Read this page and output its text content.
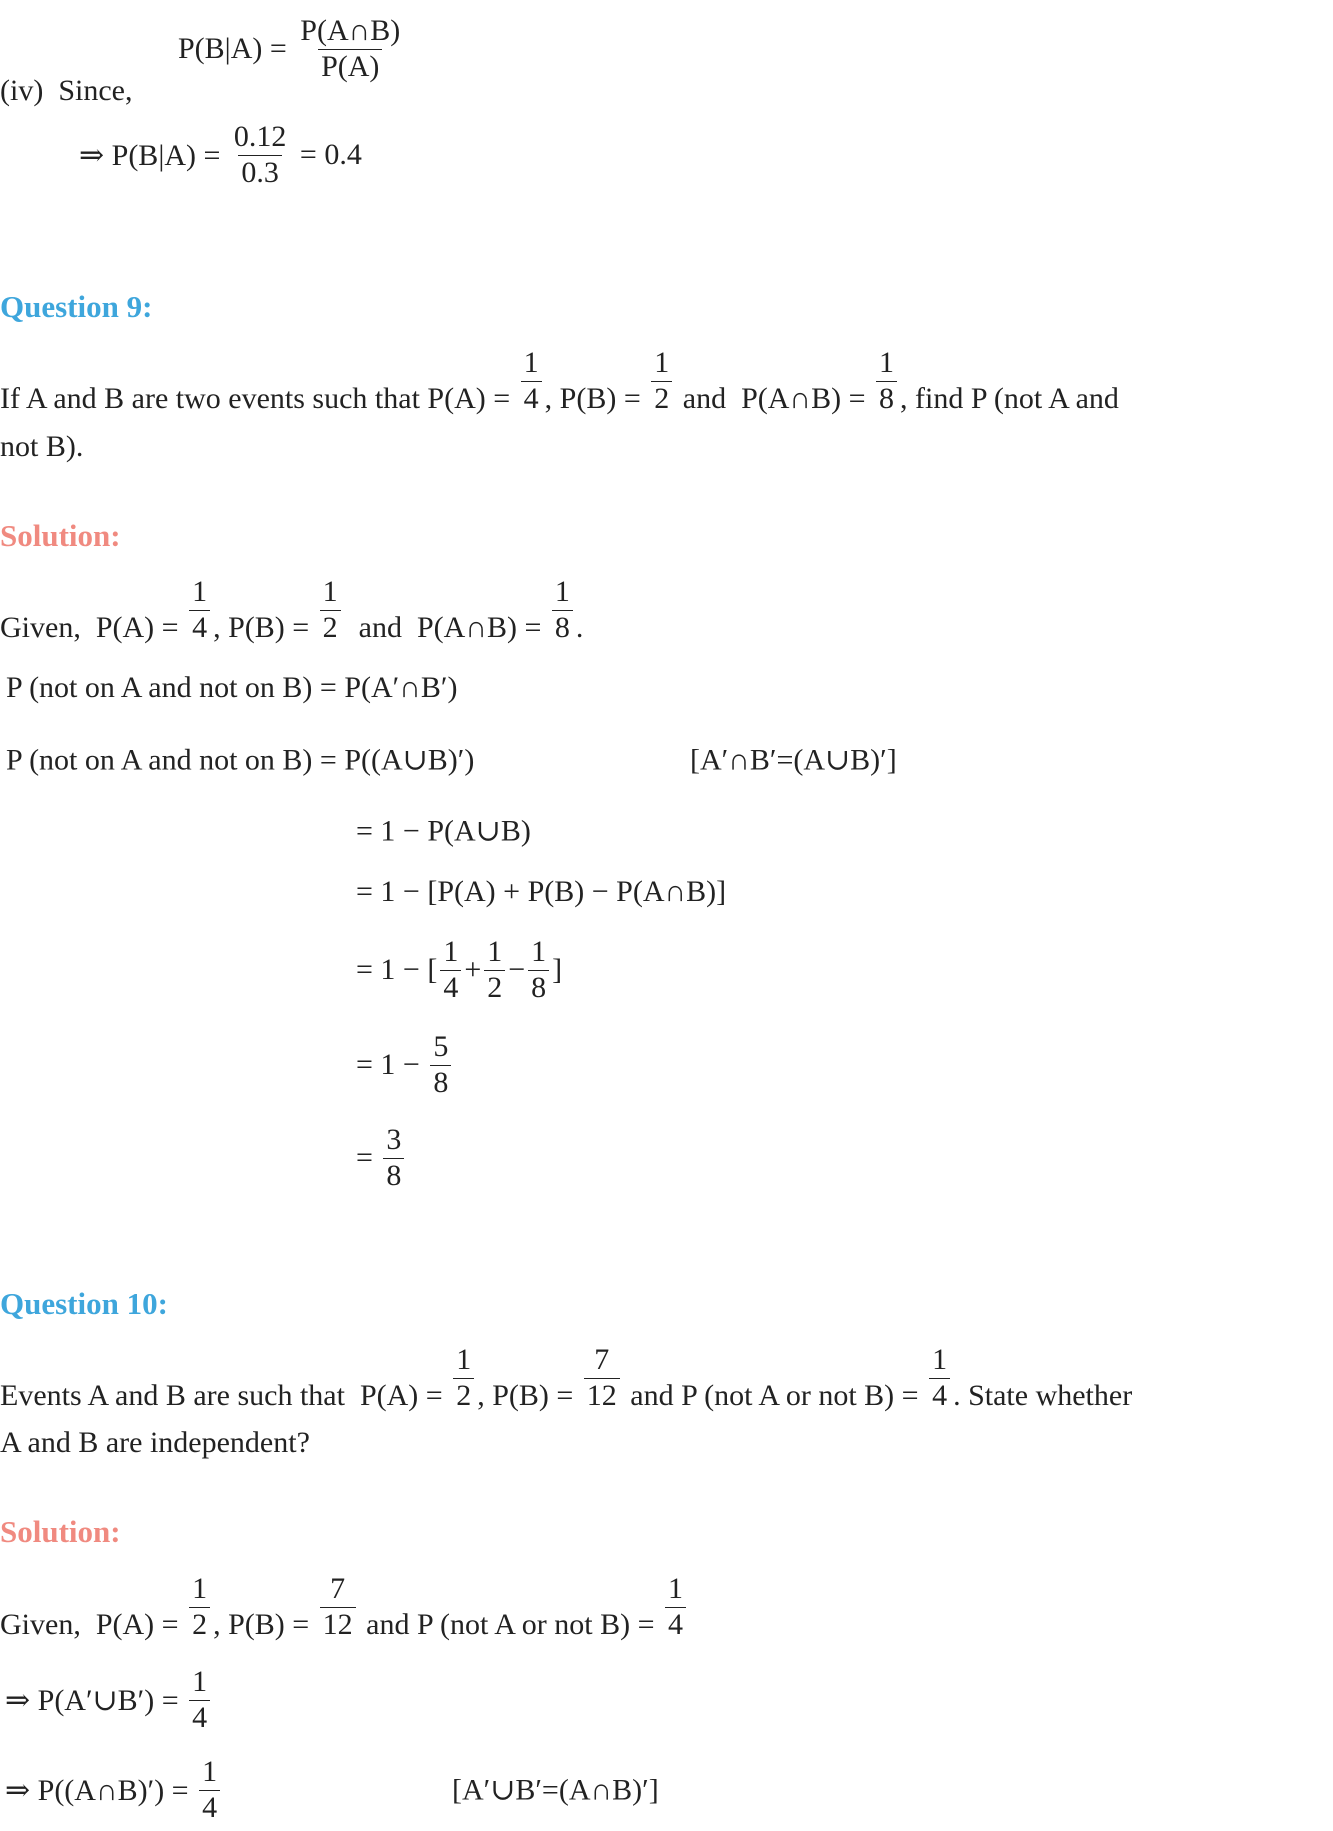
$P(B|A) = \frac{P(A\cap B)}{P(A)}$
(iv)  Since,
⇒ $P(B|A) = \frac{0.12}{0.3} = 0.4$
Question 9:
If A and B are two events such that $P(A) = \frac{1}{4}$ , $P(B) = \frac{1}{2}$ and  P(A∩B) = $\frac{1}{8}$ , find P (not A and
not B).
Solution:
Given,  $P(A) = \frac{1}{4}$ , $P(B) = \frac{1}{2}$ and  P(A∩B) = $\frac{1}{8}$ .
P (not on A and not on B) = P(A′∩B′)
P (not on A and not on B) = P((A∪B)′)	[A′∩B′=(A∪B)′]
= 1 − P(A∪B)
= 1 − [P(A) + P(B) − P(A∩B)]
= 1 − [ $\frac{1}{4} + \frac{1}{2} - \frac{1}{8}$ ]
= $1 - \frac{5}{8}$
= $\frac{3}{8}$
Question 10:
Events A and B are such that $P(A) = \frac{1}{2}$ , $P(B) = \frac{7}{12}$ and P (not A or not $B) = \frac{1}{4}$ . State whether
A and B are independent?
Solution:
Given,  $P(A) = \frac{1}{2}$ , $P(B) = \frac{7}{12}$ and P (not A or not $B) = \frac{1}{4}$
⇒ P(A′∪B′) = $\frac{1}{4}$
⇒ P((A∩B)′) = $\frac{1}{4}$	[A′∪B′=(A∩B)′]
